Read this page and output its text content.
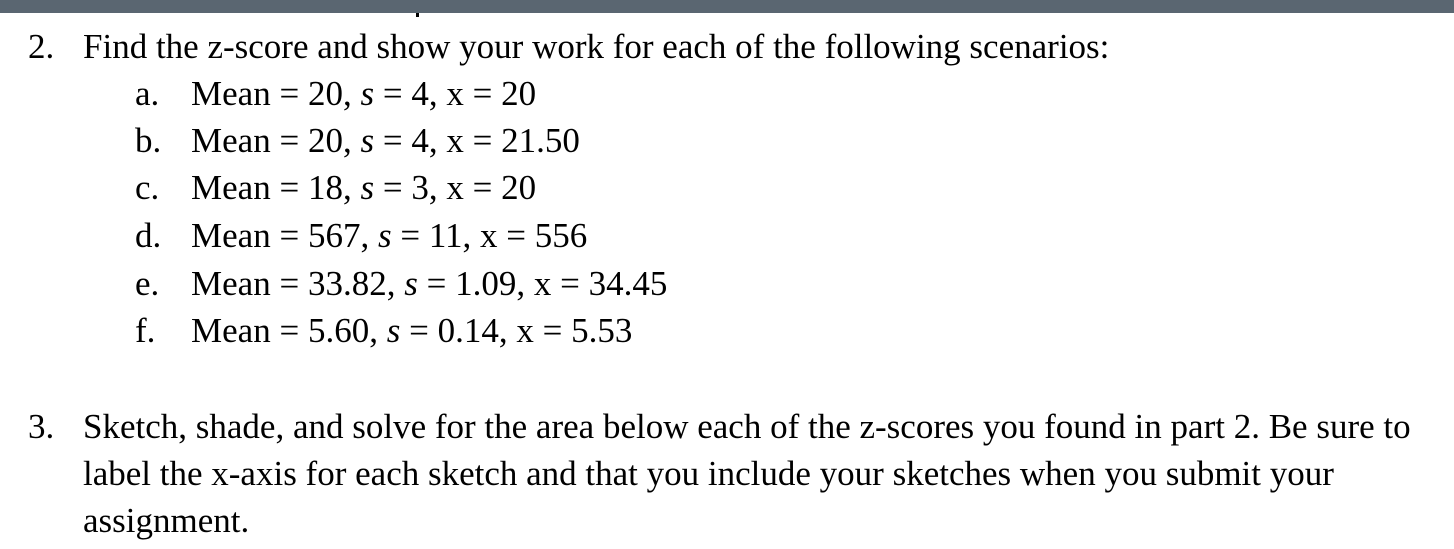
2. Find the z-score and show your work for each of the following scenarios:
a. Mean = 20, s = 4, x = 20
b. Mean = 20, s = 4, x = 21.50
c. Mean = 18, s = 3, x = 20
d. Mean = 567, s = 11, x = 556
e. Mean = 33.82, s = 1.09, x = 34.45
f. Mean = 5.60, s = 0.14, x = 5.53
3. Sketch, shade, and solve for the area below each of the z-scores you found in part 2. Be sure to label the x-axis for each sketch and that you include your sketches when you submit your assignment.
